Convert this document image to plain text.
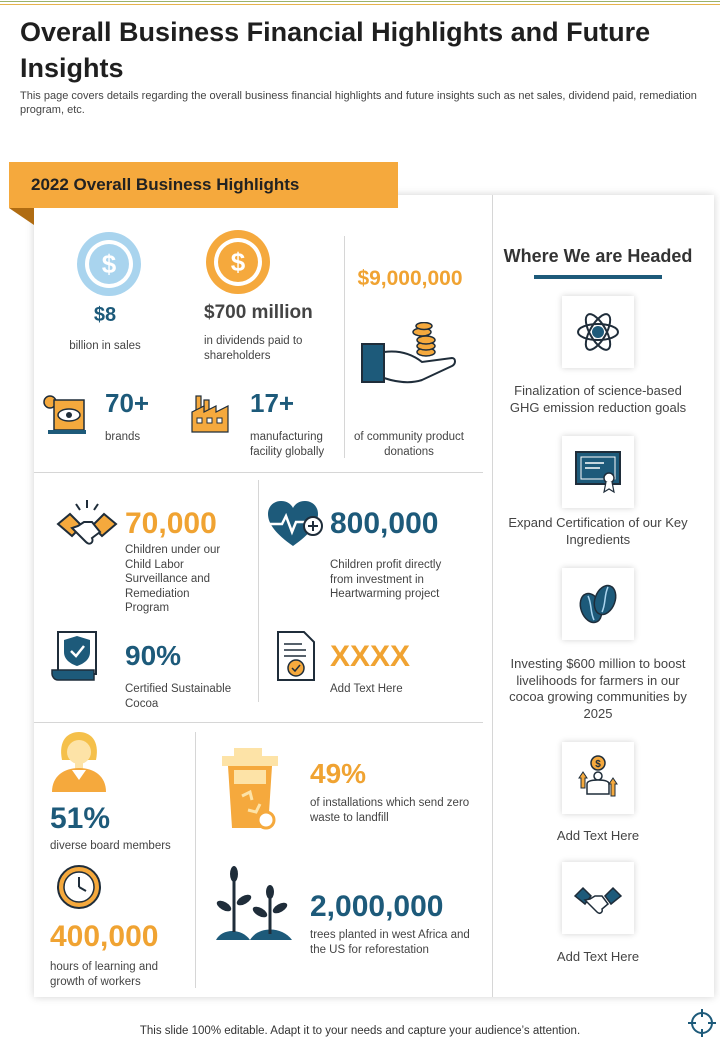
Overall Business Financial Highlights and Future Insights
This page covers details regarding the overall business financial highlights and future insights such as net sales, dividend paid, remediation program, etc.
2022 Overall Business Highlights
$
$8
billion in sales
$
$700 million
in dividends paid to shareholders
$9,000,000
of community product donations
70+
brands
17+
manufacturing facility globally
70,000
Children under our Child Labor Surveillance and Remediation Program
800,000
Children profit directly from investment in Heartwarming project
90%
Certified Sustainable Cocoa
XXXX
Add Text Here
51%
diverse board members
49%
of installations which send zero waste to landfill
400,000
hours of learning and growth of workers
2,000,000
trees planted in west Africa and the US for reforestation
Where We are Headed
Finalization of science-based GHG emission reduction goals
Expand Certification of our Key Ingredients
Investing $600 million to boost livelihoods for farmers in our cocoa growing communities by 2025
$
Add Text Here
Add Text Here
This slide 100% editable. Adapt it to your needs and capture your audience’s attention.
